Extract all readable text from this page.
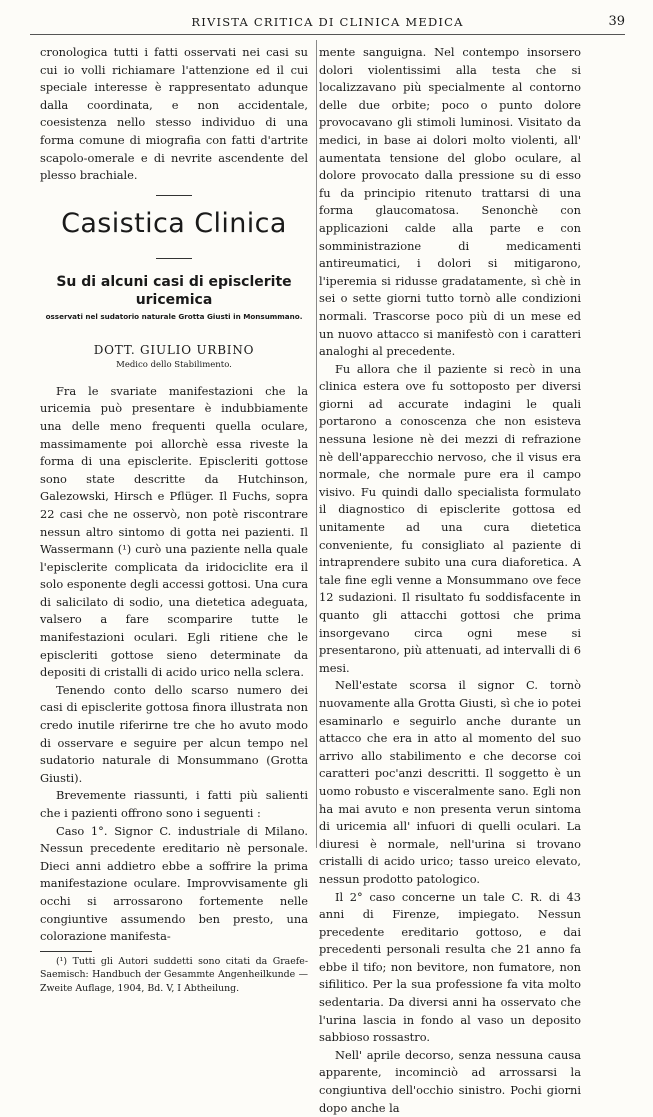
RIVISTA CRITICA DI CLINICA MEDICA	39

cronologica tutti i fatti osservati nei casi su cui io volli richiamare l'attenzione ed il cui speciale interesse è rappresentato adunque dalla coordinata, e non accidentale, coesistenza nello stesso individuo di una forma comune di miografia con fatti d'artrite scapolo-omerale e di nevrite ascendente del plesso brachiale.

Casistica Clinica
Su di alcuni casi di episclerite uricemica
osservati nel sudatorio naturale Grotta Giusti in Monsummano.
DOTT. GIULIO URBINO
Medico dello Stabilimento.

Fra le svariate manifestazioni che la uricemia può presentare è indubbiamente una delle meno frequenti quella oculare, massimamente poi allorchè essa riveste la forma di una episclerite. Episcleriti gottose sono state descritte da Hutchinson, Galezowski, Hirsch e Pflüger. Il Fuchs, sopra 22 casi che ne osservò, non potè riscontrare nessun altro sintomo di gotta nei pazienti. Il Wassermann (¹) curò una paziente nella quale l'episclerite complicata da iridociclite era il solo esponente degli accessi gottosi. Una cura di salicilato di sodio, una dietetica adeguata, valsero a fare scomparire tutte le manifestazioni oculari. Egli ritiene che le episcleriti gottose sieno determinate da depositi di cristalli di acido urico nella sclera.

Tenendo conto dello scarso numero dei casi di episclerite gottosa finora illustrata non credo inutile riferirne tre che ho avuto modo di osservare e seguire per alcun tempo nel sudatorio naturale di Monsummano (Grotta Giusti).

Brevemente riassunti, i fatti più salienti che i pazienti offrono sono i seguenti :

Caso 1°. Signor C. industriale di Milano. Nessun precedente ereditario nè personale. Dieci anni addietro ebbe a soffrire la prima manifestazione oculare. Improvvisamente gli occhi si arrossarono fortemente nelle congiuntive assumendo ben presto, una colorazione manifesta-

(¹) Tutti gli Autori suddetti sono citati da Graefe-Saemisch: Handbuch der Gesammte Angenheilkunde — Zweite Auflage, 1904, Bd. V, I Abtheilung.

mente sanguigna. Nel contempo insorsero dolori violentissimi alla testa che si localizzavano più specialmente al contorno delle due orbite; poco o punto dolore provocavano gli stimoli luminosi. Visitato da medici, in base ai dolori molto violenti, all' aumentata tensione del globo oculare, al dolore provocato dalla pressione su di esso fu da principio ritenuto trattarsi di una forma glaucomatosa. Senonchè con applicazioni calde alla parte e con somministrazione di medicamenti antireumatici, i dolori si mitigarono, l'iperemia si ridusse gradatamente, sì chè in sei o sette giorni tutto tornò alle condizioni normali. Trascorse poco più di un mese ed un nuovo attacco si manifestò con i caratteri analoghi al precedente.

Fu allora che il paziente si recò in una clinica estera ove fu sottoposto per diversi giorni ad accurate indagini le quali portarono a conoscenza che non esisteva nessuna lesione nè dei mezzi di refrazione nè dell'apparecchio nervoso, che il visus era normale, che normale pure era il campo visivo. Fu quindi dallo specialista formulato il diagnostico di episclerite gottosa ed unitamente ad una cura dietetica conveniente, fu consigliato al paziente di intraprendere subito una cura diaforetica. A tale fine egli venne a Monsummano ove fece 12 sudazioni. Il risultato fu soddisfacente in quanto gli attacchi gottosi che prima insorgevano circa ogni mese si presentarono, più attenuati, ad intervalli di 6 mesi.

Nell'estate scorsa il signor C. tornò nuovamente alla Grotta Giusti, sì che io potei esaminarlo e seguirlo anche durante un attacco che era in atto al momento del suo arrivo allo stabilimento e che decorse coi caratteri poc'anzi descritti. Il soggetto è un uomo robusto e visceralmente sano. Egli non ha mai avuto e non presenta verun sintoma di uricemia all' infuori di quelli oculari. La diuresi è normale, nell'urina si trovano cristalli di acido urico; tasso ureico elevato, nessun prodotto patologico.

Il 2° caso concerne un tale C. R. di 43 anni di Firenze, impiegato. Nessun precedente ereditario gottoso, e dai precedenti personali resulta che 21 anno fa ebbe il tifo; non bevitore, non fumatore, non sifilitico. Per la sua professione fa vita molto sedentaria. Da diversi anni ha osservato che l'urina lascia in fondo al vaso un deposito sabbioso rossastro.

Nell' aprile decorso, senza nessuna causa apparente, incominciò ad arrossarsi la congiuntiva dell'occhio sinistro. Pochi giorni dopo anche la
